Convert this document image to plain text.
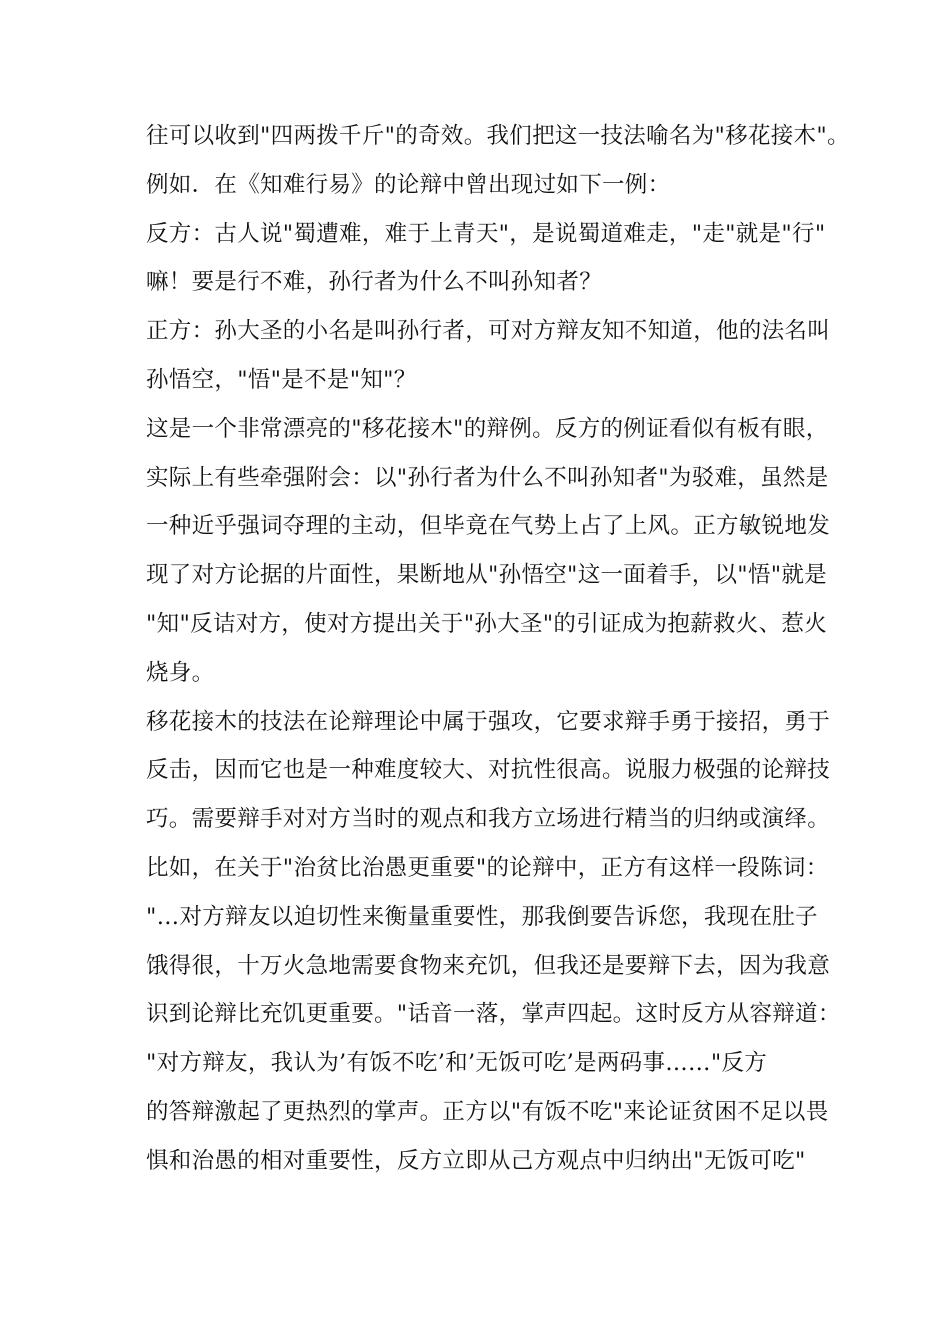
往可以收到"四两拨千斤"的奇效。我们把这一技法喻名为"移花接木"。
例如．在《知难行易》的论辩中曾出现过如下一例：
反方：古人说"蜀遭难，难于上青天"，是说蜀道难走，"走"就是"行"
嘛！要是行不难，孙行者为什么不叫孙知者？
正方：孙大圣的小名是叫孙行者，可对方辩友知不知道，他的法名叫
孙悟空，"悟"是不是"知"？
这是一个非常漂亮的"移花接木"的辩例。反方的例证看似有板有眼，
实际上有些牵强附会：以"孙行者为什么不叫孙知者"为驳难，虽然是
一种近乎强词夺理的主动，但毕竟在气势上占了上风。正方敏锐地发
现了对方论据的片面性，果断地从"孙悟空"这一面着手，以"悟"就是
"知"反诘对方，使对方提出关于"孙大圣"的引证成为抱薪救火、惹火
烧身。
移花接木的技法在论辩理论中属于强攻，它要求辩手勇于接招，勇于
反击，因而它也是一种难度较大、对抗性很高。说服力极强的论辩技
巧。需要辩手对对方当时的观点和我方立场进行精当的归纳或演绎。
比如，在关于"治贫比治愚更重要"的论辩中，正方有这样一段陈词：
"…对方辩友以迫切性来衡量重要性，那我倒要告诉您，我现在肚子
饿得很，十万火急地需要食物来充饥，但我还是要辩下去，因为我意
识到论辩比充饥更重要。"话音一落，掌声四起。这时反方从容辩道：
"对方辩友，我认为’有饭不吃’和’无饭可吃’是两码事……"反方
的答辩激起了更热烈的掌声。正方以"有饭不吃"来论证贫困不足以畏
惧和治愚的相对重要性，反方立即从己方观点中归纳出"无饭可吃"
